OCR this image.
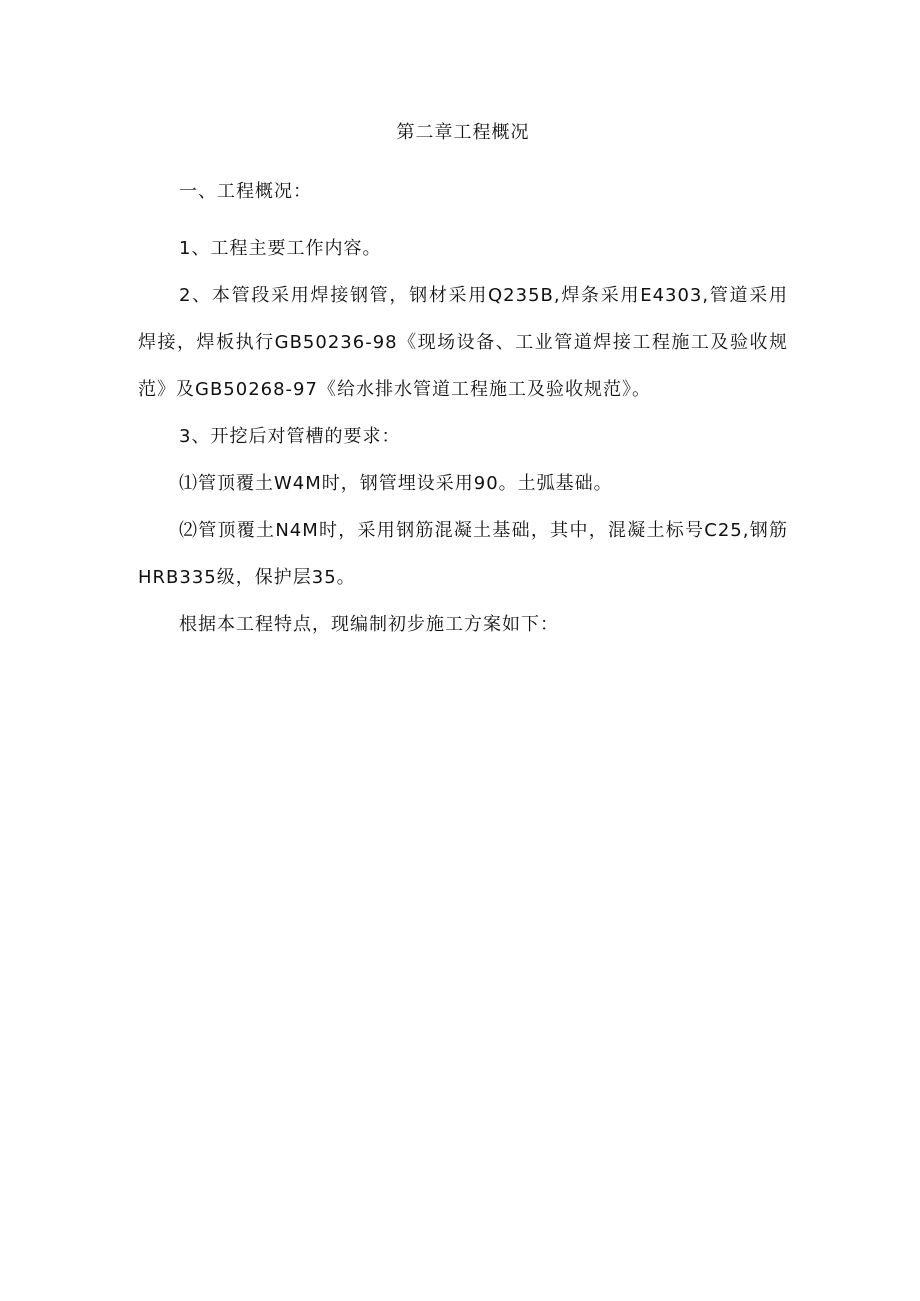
第二章工程概况

一、工程概况：

1、工程主要工作内容。

2、本管段采用焊接钢管，钢材采用Q235B,焊条采用E4303,管道采用焊接，焊板执行GB50236-98《现场设备、工业管道焊接工程施工及验收规范》及GB50268-97《给水排水管道工程施工及验收规范》。

3、开挖后对管槽的要求：

⑴管顶覆土W4M时，钢管埋设采用90。土弧基础。

⑵管顶覆土N4M时，采用钢筋混凝土基础，其中，混凝土标号C25,钢筋HRB335级，保护层35。

根据本工程特点，现编制初步施工方案如下：
